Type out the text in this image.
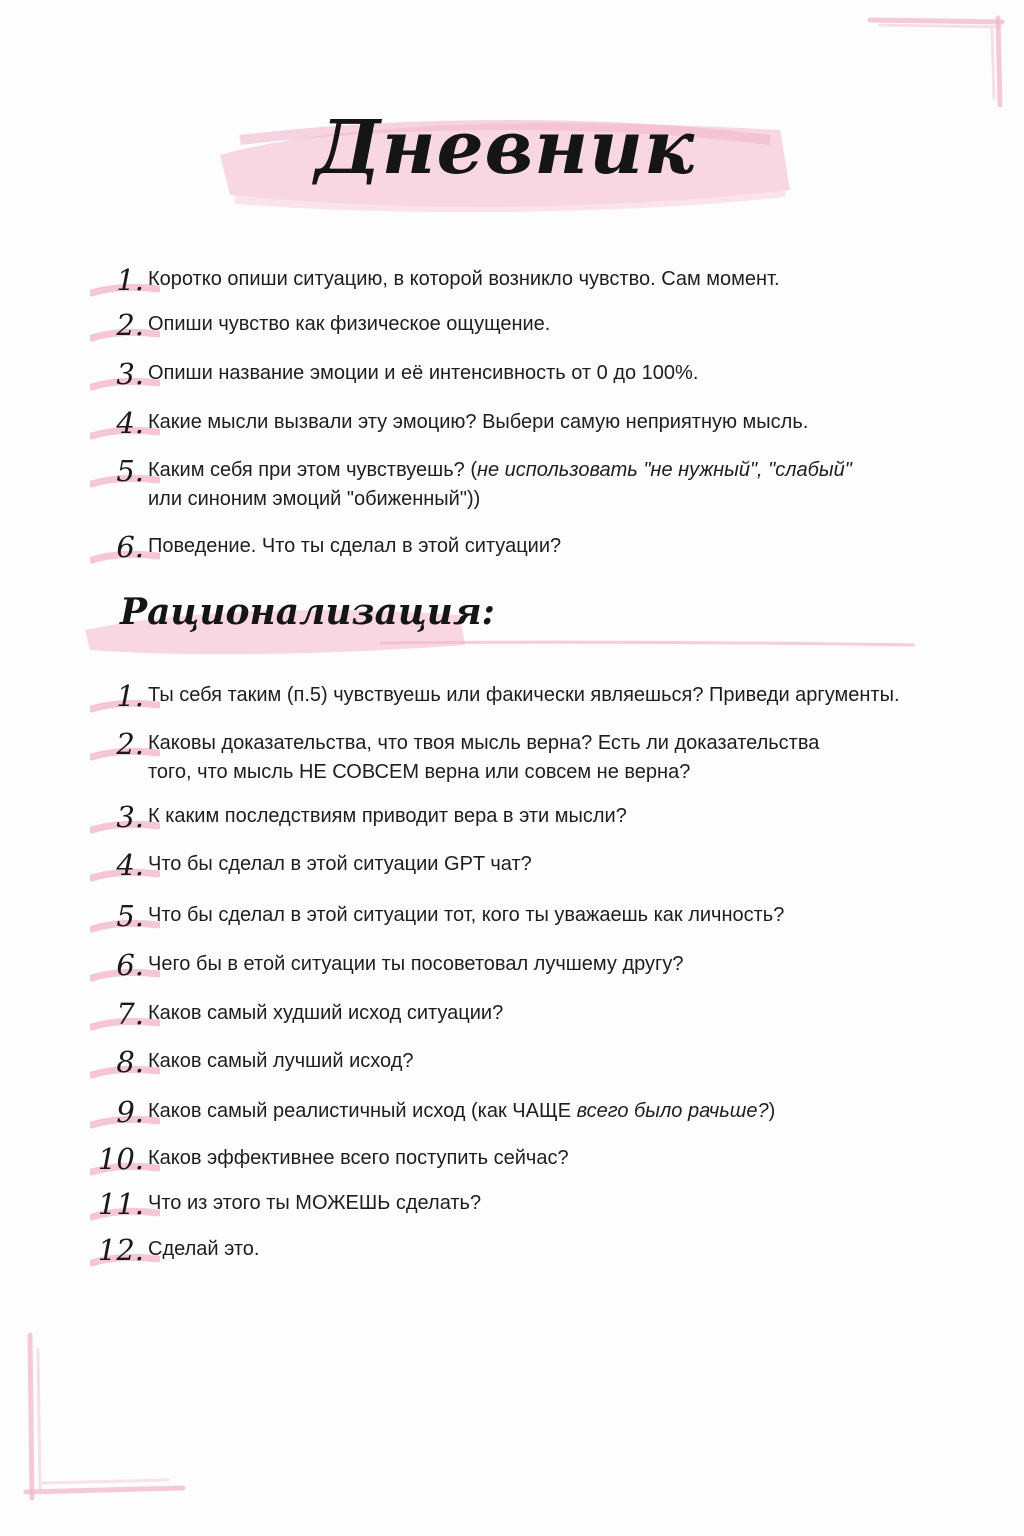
Дневник
1. Коротко опиши ситуацию, в которой возникло чувство. Сам момент.
2. Опиши чувство как физическое ощущение.
3. Опиши название эмоции и её интенсивность от 0 до 100%.
4. Какие мысли вызвали эту эмоцию? Выбери самую неприятную мысль.
5. Каким себя при этом чувствуешь? (не использовать "не нужный", "слабый"
или синоним эмоций "обиженный"))
6. Поведение. Что ты сделал в этой ситуации?
Рационализация:
1. Ты себя таким (п.5) чувствуешь или факически являешься? Приведи аргументы.
2. Каковы доказательства, что твоя мысль верна? Есть ли доказательства
того, что мысль НЕ СОВСЕМ верна или совсем не верна?
3. К каким последствиям приводит вера в эти мысли?
4. Что бы сделал в этой ситуации GPT чат?
5. Что бы сделал в этой ситуации тот, кого ты уважаешь как личность?
6. Чего бы в етой ситуации ты посоветовал лучшему другу?
7. Каков самый худший исход ситуации?
8. Каков самый лучший исход?
9. Каков самый реалистичный исход (как ЧАЩЕ всего было рачьше?)
10. Каков эффективнее всего поступить сейчас?
11. Что из этого ты МОЖЕШЬ сделать?
12. Сделай это.
